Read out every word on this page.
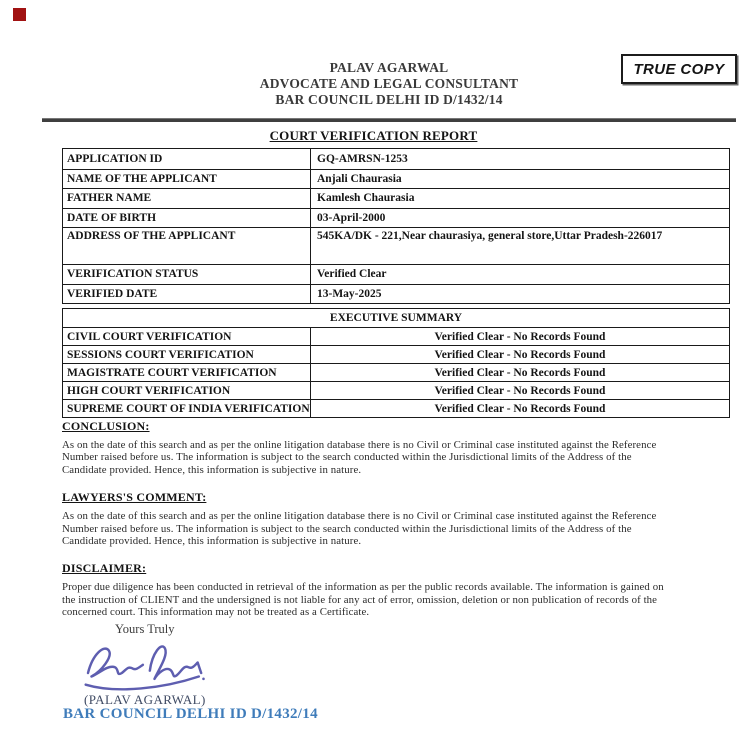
PALAV AGARWAL
ADVOCATE AND LEGAL CONSULTANT
BAR COUNCIL DELHI ID D/1432/14
TRUE COPY
COURT VERIFICATION REPORT
APPLICATION ID	GQ-AMRSN-1253
NAME OF THE APPLICANT	Anjali Chaurasia
FATHER NAME	Kamlesh Chaurasia
DATE OF BIRTH	03-April-2000
ADDRESS OF THE APPLICANT	545KA/DK - 221,Near chaurasiya, general store,Uttar Pradesh-226017
VERIFICATION STATUS	Verified Clear
VERIFIED DATE	13-May-2025
EXECUTIVE SUMMARY
CIVIL COURT VERIFICATION	Verified Clear - No Records Found
SESSIONS COURT VERIFICATION	Verified Clear - No Records Found
MAGISTRATE COURT VERIFICATION	Verified Clear - No Records Found
HIGH COURT VERIFICATION	Verified Clear - No Records Found
SUPREME COURT OF INDIA VERIFICATION	Verified Clear - No Records Found
CONCLUSION:
As on the date of this search and as per the online litigation database there is no Civil or Criminal case instituted against the Reference
Number raised before us. The information is subject to the search conducted within the Jurisdictional limits of the Address of the
Candidate provided. Hence, this information is subjective in nature.
LAWYERS'S COMMENT:
As on the date of this search and as per the online litigation database there is no Civil or Criminal case instituted against the Reference
Number raised before us. The information is subject to the search conducted within the Jurisdictional limits of the Address of the
Candidate provided. Hence, this information is subjective in nature.
DISCLAIMER:
Proper due diligence has been conducted in retrieval of the information as per the public records available. The information is gained on
the instruction of CLIENT and the undersigned is not liable for any act of error, omission, deletion or non publication of records of the
concerned court. This information may not be treated as a Certificate.
Yours Truly
(PALAV AGARWAL)
BAR COUNCIL DELHI ID D/1432/14
